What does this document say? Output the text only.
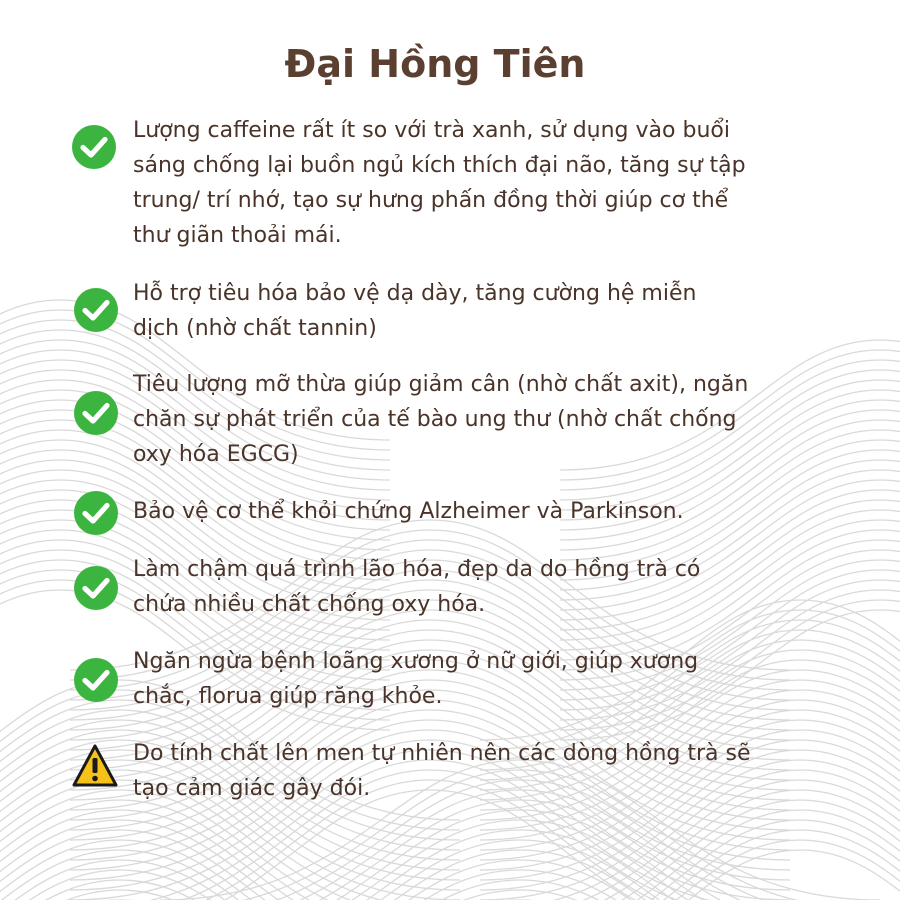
Đại Hồng Tiên

Lượng caffeine rất ít so với trà xanh, sử dụng vào buổi
sáng chống lại buồn ngủ kích thích đại não, tăng sự tập
trung/ trí nhớ, tạo sự hưng phấn đồng thời giúp cơ thể
thư giãn thoải mái.

Hỗ trợ tiêu hóa bảo vệ dạ dày, tăng cường hệ miễn
dịch (nhờ chất tannin)

Tiêu lượng mỡ thừa giúp giảm cân (nhờ chất axit), ngăn
chăn sự phát triển của tế bào ung thư (nhờ chất chống
oxy hóa EGCG)

Bảo vệ cơ thể khỏi chứng Alzheimer và Parkinson.

Làm chậm quá trình lão hóa, đẹp da do hồng trà có
chứa nhiều chất chống oxy hóa.

Ngăn ngừa bệnh loãng xương ở nữ giới, giúp xương
chắc, florua giúp răng khỏe.

Do tính chất lên men tự nhiên nên các dòng hồng trà sẽ
tạo cảm giác gây đói.
